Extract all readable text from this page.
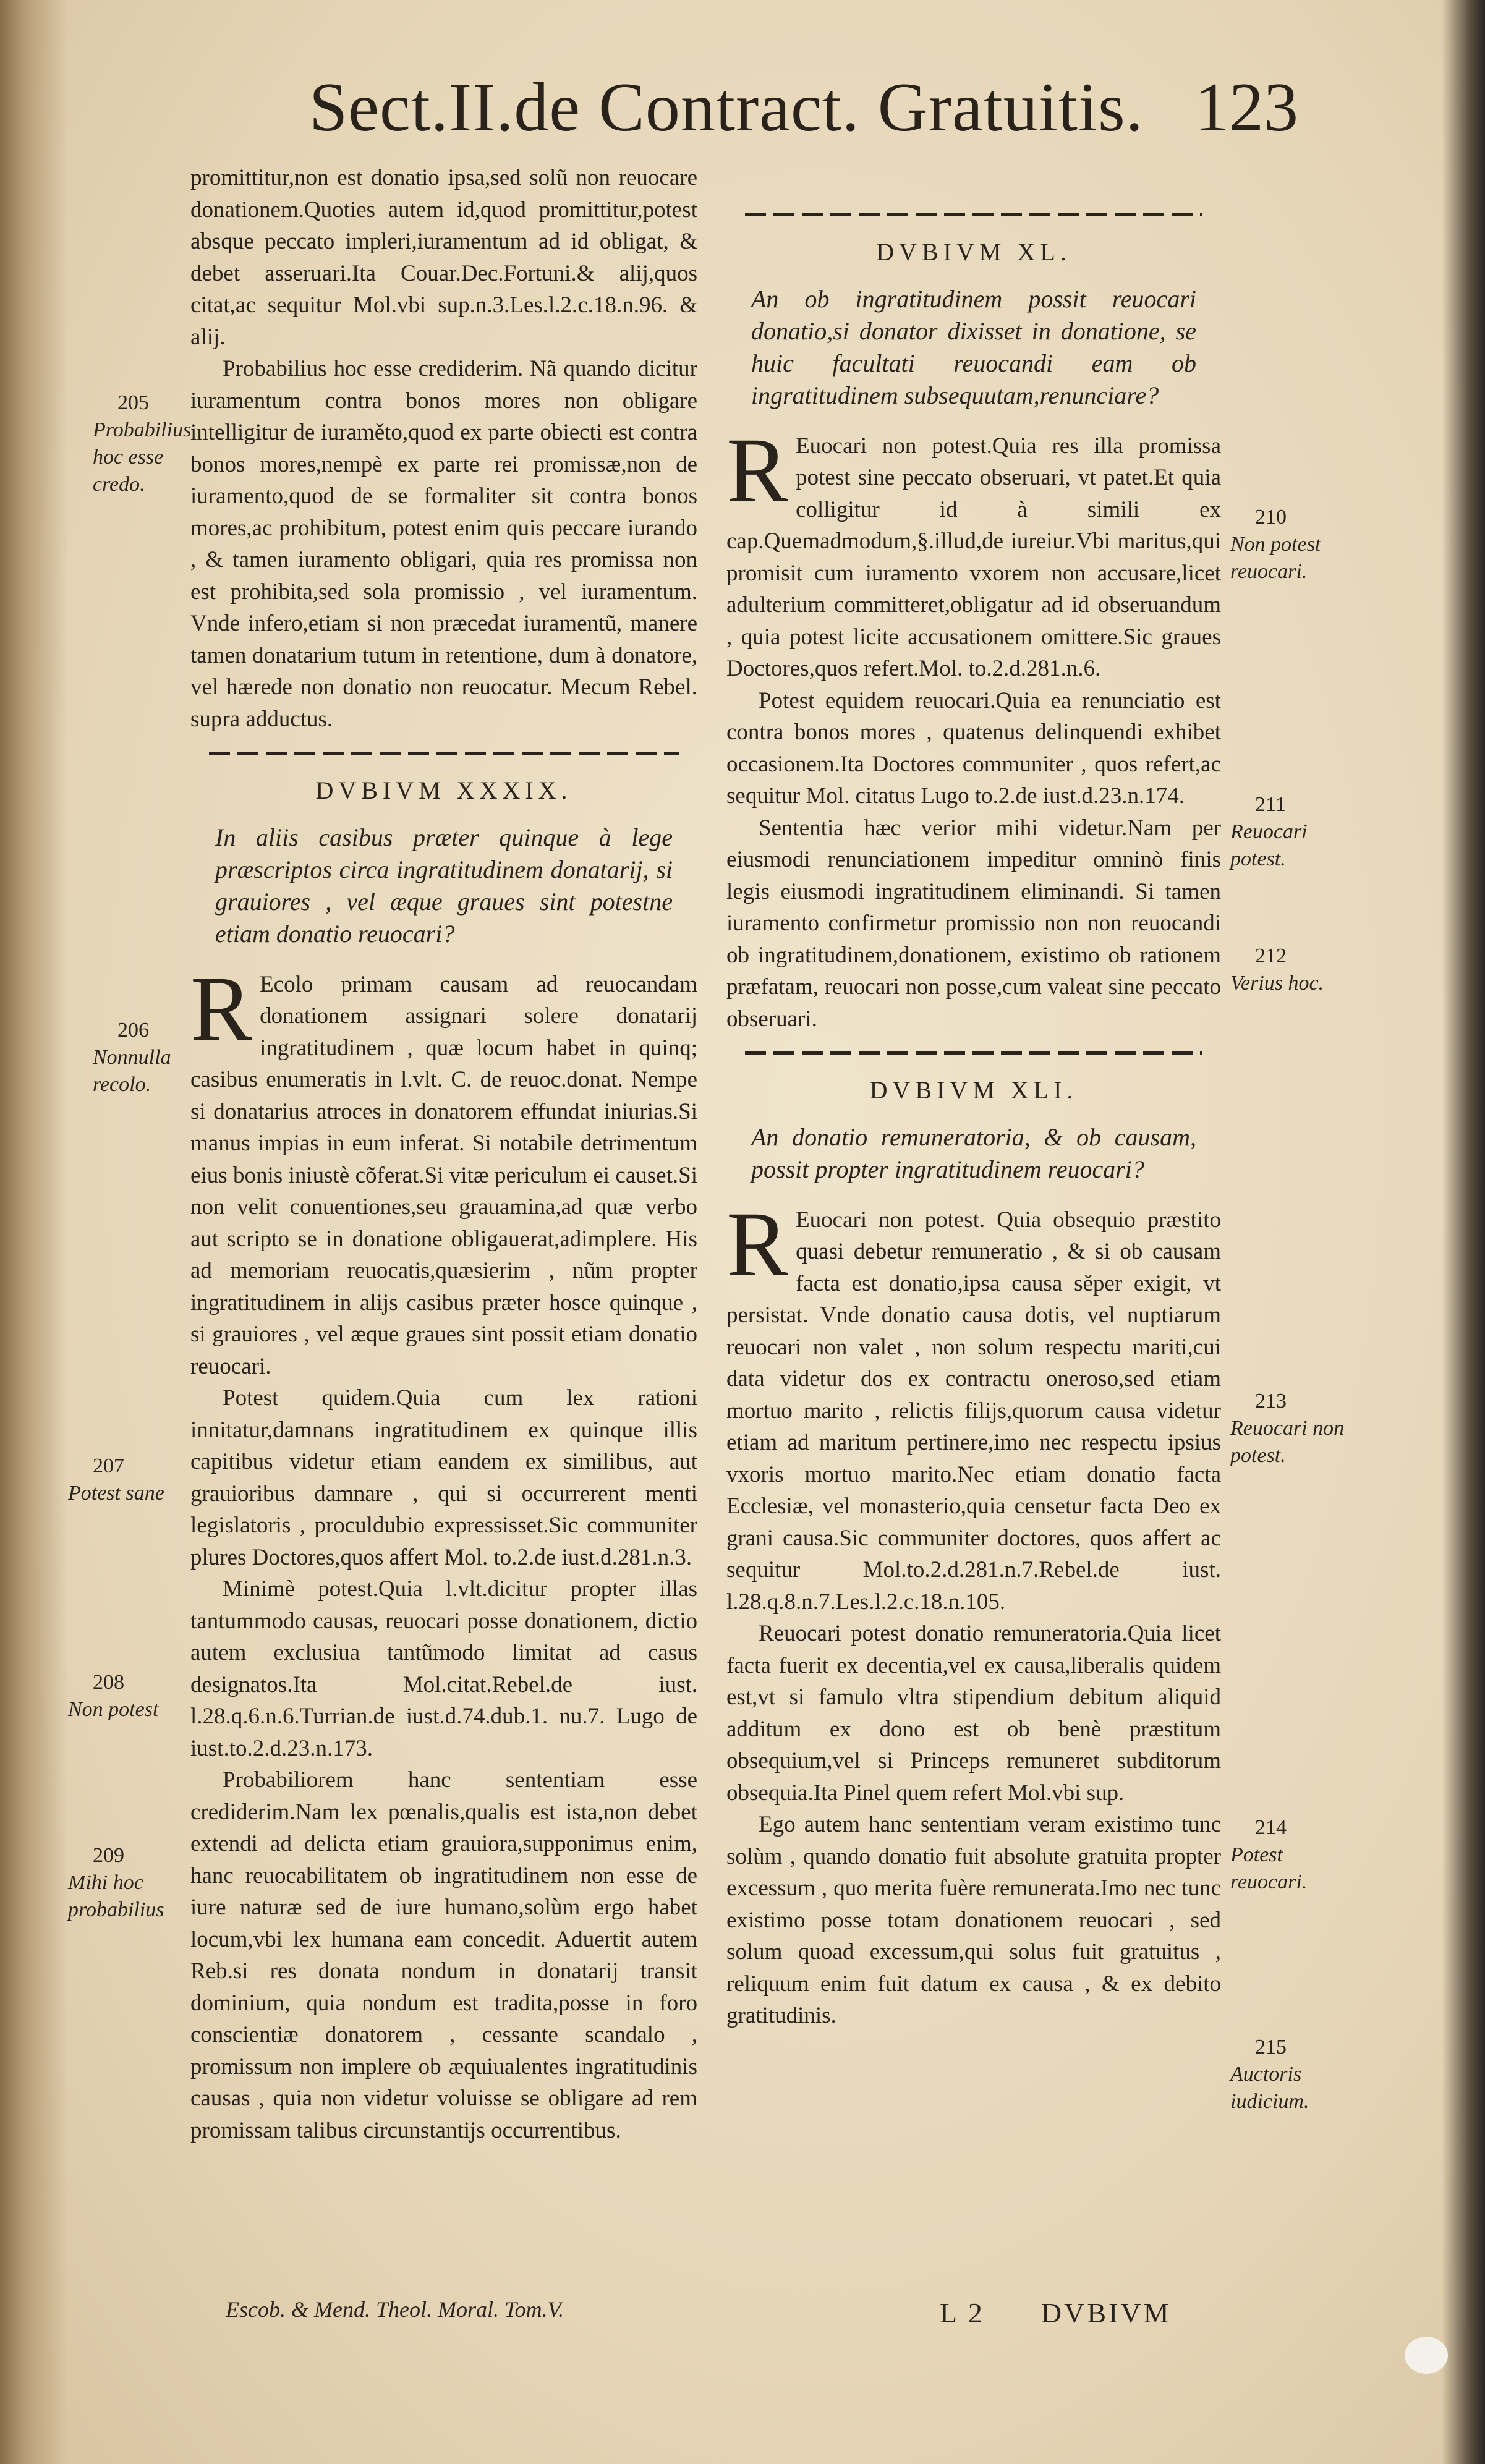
Sect.II.de Contract. Gratuitis. 123

promittitur,non est donatio ipsa,sed solũ non reuocare donationem.Quoties autem id,quod promittitur,potest absque peccato impleri,iuramentum ad id obligat, & debet asseruari.Ita Couar.Dec.Fortuni.& alij,quos citat,ac sequitur Mol.vbi sup.n.3.Les.l.2.c.18.n.96. & alij.

Probabilius hoc esse crediderim. Nã quando dicitur iuramentum contra bonos mores non obligare intelligitur de iuraměto,quod ex parte obiecti est contra bonos mores,nempè ex parte rei promissæ,non de iuramento,quod de se formaliter sit contra bonos mores,ac prohibitum, potest enim quis peccare iurando , & tamen iuramento obligari, quia res promissa non est prohibita,sed sola promissio , vel iuramentum. Vnde infero,etiam si non præcedat iuramentũ, manere tamen donatarium tutum in retentione, dum à donatore, vel hærede non donatio non reuocatur. Mecum Rebel. supra adductus.

DVBIVM XXXIX.
In aliis casibus præter quinque à lege præscriptos circa ingratitudinem donatarij, si grauiores , vel æque graues sint potestne etiam donatio reuocari?

R Ecolo primam causam ad reuocandam donationem assignari solere donatarij ingratitudinem , quæ locum habet in quinq; casibus enumeratis in l.vlt. C. de reuoc.donat. Nempe si donatarius atroces in donatorem effundat iniurias.Si manus impias in eum inferat. Si notabile detrimentum eius bonis iniustè cõferat.Si vitæ periculum ei causet.Si non velit conuentiones,seu grauamina,ad quæ verbo aut scripto se in donatione obligauerat,adimplere. His ad memoriam reuocatis,quæsierim , nũm propter ingratitudinem in alijs casibus præter hosce quinque , si grauiores , vel æque graues sint possit etiam donatio reuocari.

Potest quidem.Quia cum lex rationi innitatur,damnans ingratitudinem ex quinque illis capitibus videtur etiam eandem ex similibus, aut grauioribus damnare , qui si occurrerent menti legislatoris , proculdubio expressisset.Sic communiter plures Doctores,quos affert Mol. to.2.de iust.d.281.n.3.

Minimè potest.Quia l.vlt.dicitur propter illas tantummodo causas, reuocari posse donationem, dictio autem exclusiua tantũmodo limitat ad casus designatos.Ita Mol.citat.Rebel.de iust. l.28.q.6.n.6.Turrian.de iust.d.74.dub.1. nu.7. Lugo de iust.to.2.d.23.n.173.

Probabiliorem hanc sententiam esse crediderim.Nam lex pœnalis,qualis est ista,non debet extendi ad delicta etiam grauiora,supponimus enim, hanc reuocabilitatem ob ingratitudinem non esse de iure naturæ sed de iure humano,solùm ergo habet locum,vbi lex humana eam concedit. Aduertit autem Reb.si res donata nondum in donatarij transit dominium, quia nondum est tradita,posse in foro conscientiæ donatorem , cessante scandalo , promissum non implere ob æquiualentes ingratitudinis causas , quia non videtur voluisse se obligare ad rem promissam talibus circunstantijs occurrentibus.

205
Probabilius hoc esse credo.
206
Nonnulla recolo.
207
Potest sane
208
Non potest
209
Mihi hoc probabilius
DVBIVM XL.
An ob ingratitudinem possit reuocari donatio,si donator dixisset in donatione, se huic facultati reuocandi eam ob ingratitudinem subsequutam,renunciare?

R Euocari non potest.Quia res illa promissa potest sine peccato obseruari, vt patet.Et quia colligitur id à simili ex cap.Quemadmodum,§.illud,de iureiur.Vbi maritus,qui promisit cum iuramento vxorem non accusare,licet adulterium committeret,obligatur ad id obseruandum , quia potest licite accusationem omittere.Sic graues Doctores,quos refert.Mol. to.2.d.281.n.6.

Potest equidem reuocari.Quia ea renunciatio est contra bonos mores , quatenus delinquendi exhibet occasionem.Ita Doctores communiter , quos refert,ac sequitur Mol. citatus Lugo to.2.de iust.d.23.n.174.

Sententia hæc verior mihi videtur.Nam per eiusmodi renunciationem impeditur omninò finis legis eiusmodi ingratitudinem eliminandi. Si tamen iuramento confirmetur promissio non non reuocandi ob ingratitudinem,donationem, existimo ob rationem præfatam, reuocari non posse,cum valeat sine peccato obseruari.

DVBIVM XLI.
An donatio remuneratoria, & ob causam, possit propter ingratitudinem reuocari?

R Euocari non potest. Quia obsequio præstito quasi debetur remuneratio , & si ob causam facta est donatio,ipsa causa sěper exigit, vt persistat. Vnde donatio causa dotis, vel nuptiarum reuocari non valet , non solum respectu mariti,cui data videtur dos ex contractu oneroso,sed etiam mortuo marito , relictis filijs,quorum causa videtur etiam ad maritum pertinere,imo nec respectu ipsius vxoris mortuo marito.Nec etiam donatio facta Ecclesiæ, vel monasterio,quia censetur facta Deo ex grani causa.Sic communiter doctores, quos affert ac sequitur Mol.to.2.d.281.n.7.Rebel.de iust. l.28.q.8.n.7.Les.l.2.c.18.n.105.

Reuocari potest donatio remuneratoria.Quia licet facta fuerit ex decentia,vel ex causa,liberalis quidem est,vt si famulo vltra stipendium debitum aliquid additum ex dono est ob benè præstitum obsequium,vel si Princeps remuneret subditorum obsequia.Ita Pinel quem refert Mol.vbi sup.

Ego autem hanc sententiam veram existimo tunc solùm , quando donatio fuit absolute gratuita propter excessum , quo merita fuère remunerata.Imo nec tunc existimo posse totam donationem reuocari , sed solum quoad excessum,qui solus fuit gratuitus , reliquum enim fuit datum ex causa , & ex debito gratitudinis.

210
Non potest reuocari.
211
Reuocari potest.
212
Verius hoc.
213
Reuocari non potest.
214
Potest reuocari.
215
Auctoris iudicium.
Escob. & Mend. Theol. Moral. Tom.V.	L 2 DVBIVM
